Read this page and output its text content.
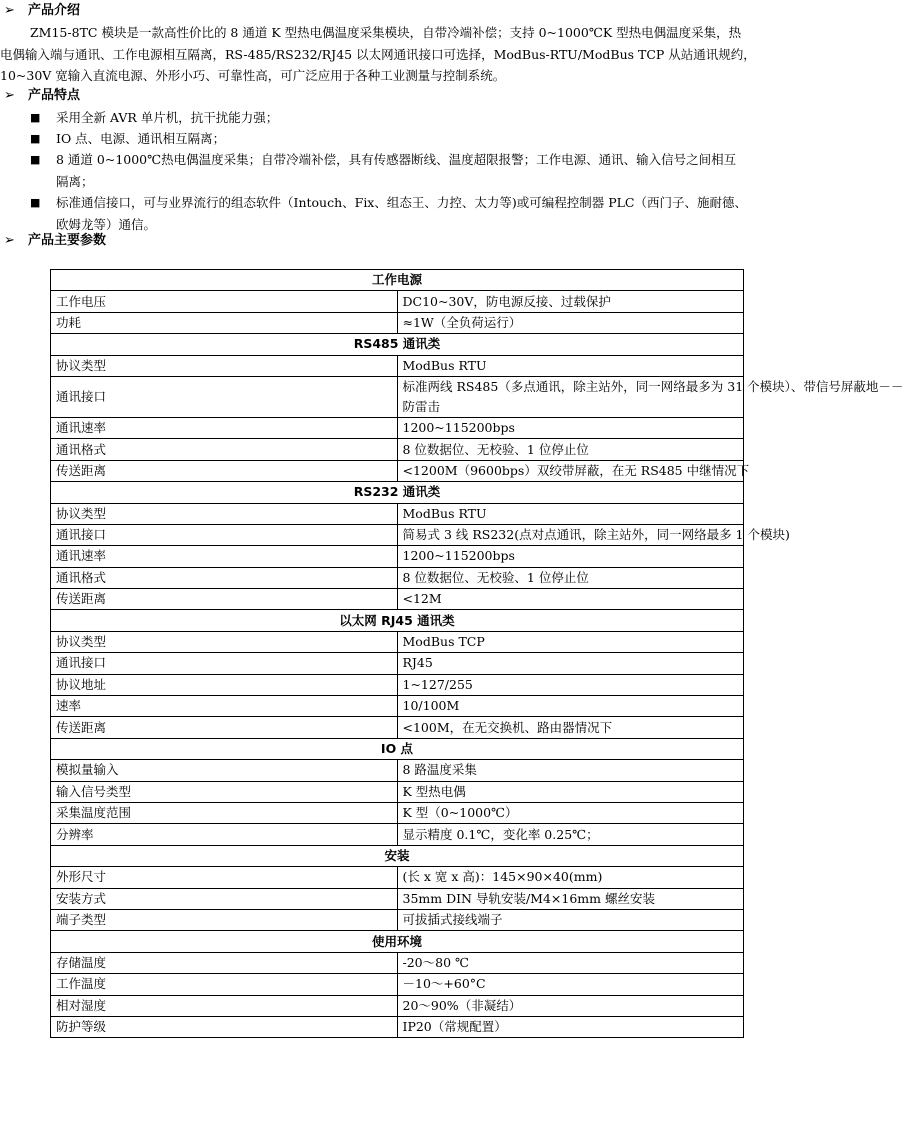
➢ 产品介绍
ZM15-8TC 模块是一款高性价比的 8 通道 K 型热电偶温度采集模块，自带冷端补偿；支持 0~1000℃K 型热电偶温度采集，热
电偶输入端与通讯、工作电源相互隔离，RS-485/RS232/RJ45 以太网通讯接口可选择，ModBus-RTU/ModBus TCP 从站通讯规约，
10~30V 宽输入直流电源、外形小巧、可靠性高，可广泛应用于各种工业测量与控制系统。
➢ 产品特点
■ 采用全新 AVR 单片机，抗干扰能力强；
■ IO 点、电源、通讯相互隔离；
■ 8 通道 0~1000℃热电偶温度采集；自带冷端补偿，具有传感器断线、温度超限报警；工作电源、通讯、输入信号之间相互
隔离；
■ 标准通信接口，可与业界流行的组态软件（Intouch、Fix、组态王、力控、太力等)或可编程控制器 PLC（西门子、施耐德、
欧姆龙等）通信。
➢ 产品主要参数
工作电源	
工作电压	DC10~30V，防电源反接、过载保护

功耗	≈1W（全负荷运行）

RS485 通讯类	
协议类型	ModBus RTU

通讯接口	标准两线 RS485（多点通讯，除主站外，同一网络最多为 31 个模块）、带信号屏蔽地－－
防雷击

通讯速率	1200~115200bps

通讯格式	8 位数据位、无校验、1 位停止位

传送距离	<1200M（9600bps）双绞带屏蔽，在无 RS485 中继情况下

RS232 通讯类	
协议类型	ModBus RTU

通讯接口	简易式 3 线 RS232(点对点通讯，除主站外，同一网络最多 1 个模块)

通讯速率	1200~115200bps

通讯格式	8 位数据位、无校验、1 位停止位

传送距离	<12M

以太网 RJ45 通讯类	
协议类型	ModBus TCP

通讯接口	RJ45

协议地址	1~127/255

速率	10/100M

传送距离	<100M，在无交换机、路由器情况下

IO 点	
模拟量输入	8 路温度采集

输入信号类型	K 型热电偶

采集温度范围	K 型（0~1000℃）

分辨率	显示精度 0.1℃，变化率 0.25℃；

安装	
外形尺寸	(长 x 宽 x 高)：145×90×40(mm)

安装方式	35mm DIN 导轨安装/M4×16mm 螺丝安装

端子类型	可拔插式接线端子

使用环境	
存储温度	-20～80 ℃

工作温度	－10～+60°C

相对湿度	20～90%（非凝结）

防护等级	IP20（常规配置）
